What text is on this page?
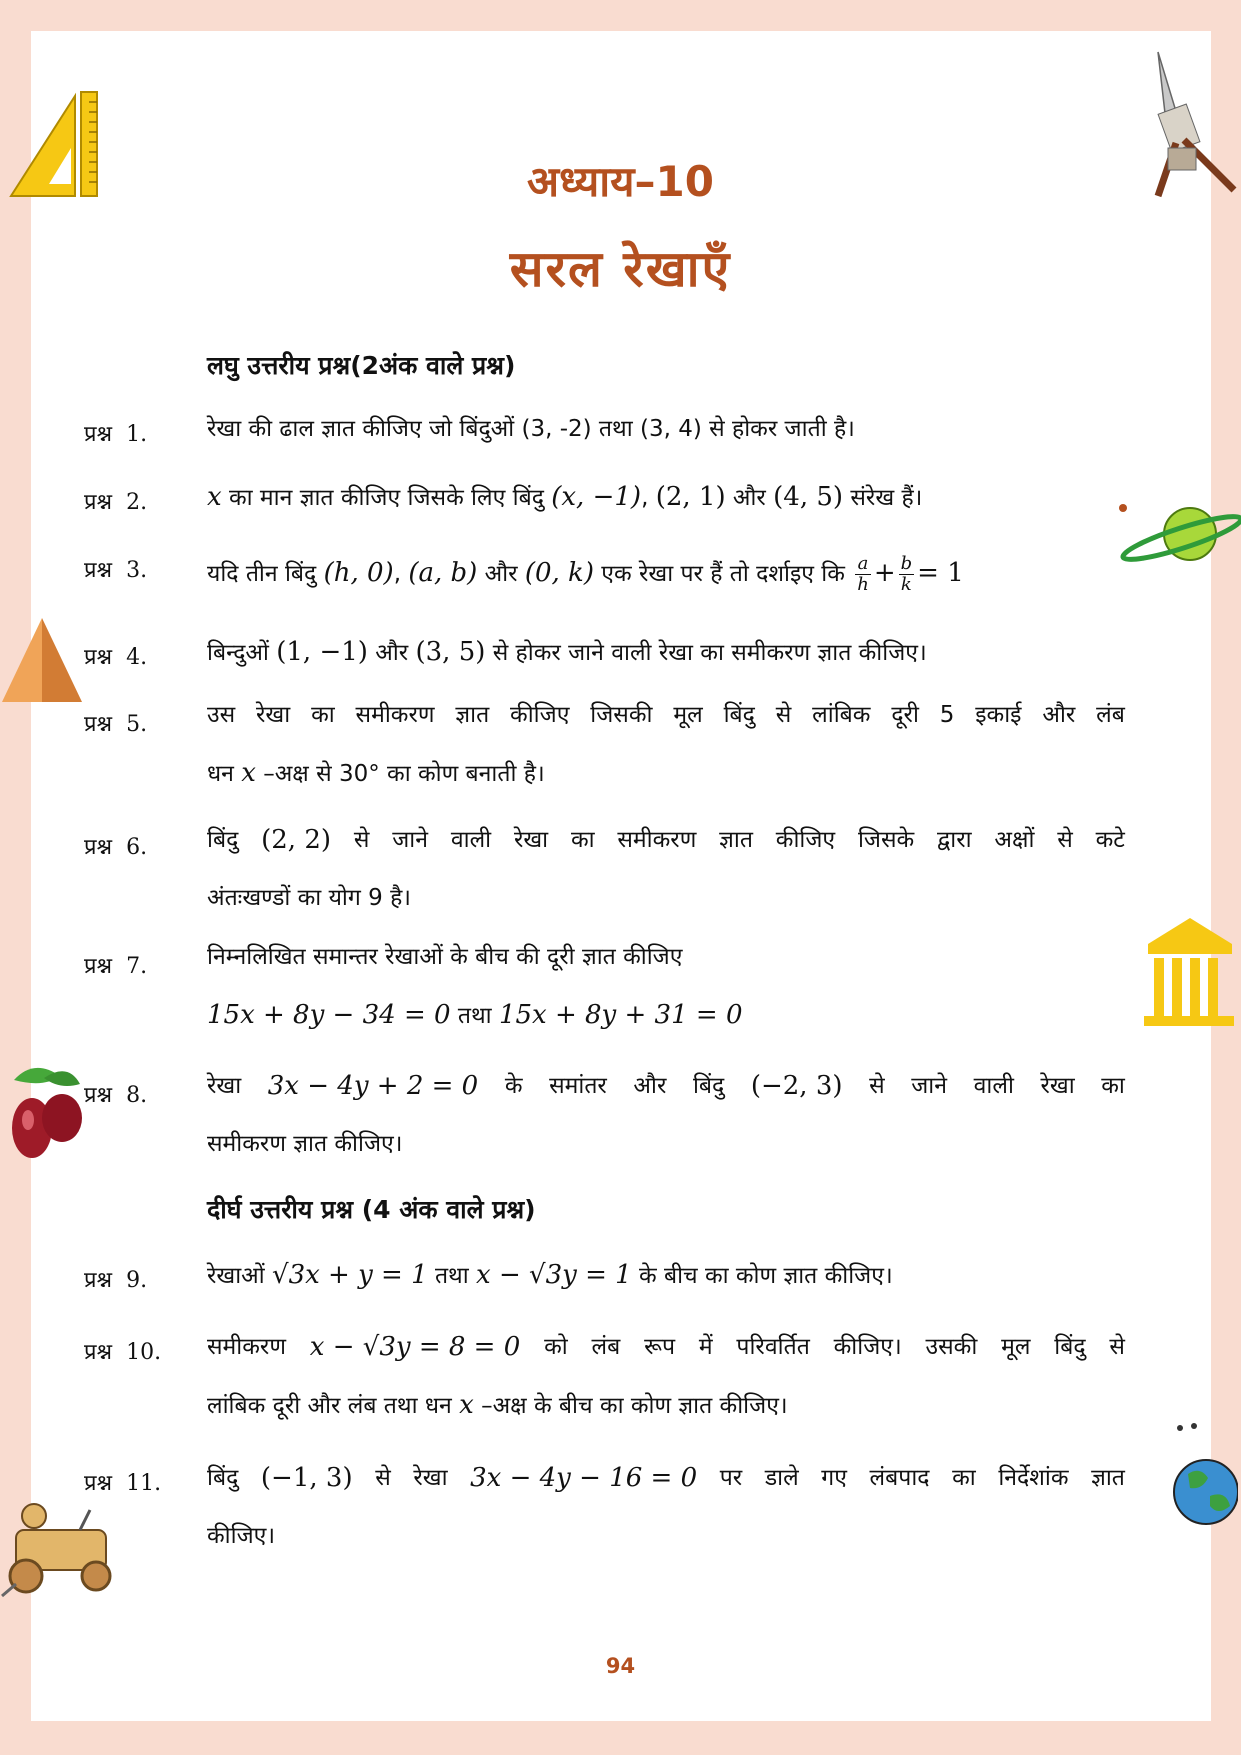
अध्याय–10
सरल रेखाएँ
लघु उत्तरीय प्रश्न(2अंक वाले प्रश्न)
प्रश्न 1.	रेखा की ढाल ज्ञात कीजिए जो बिंदुओं (3, -2) तथा (3, 4) से होकर जाती है।
प्रश्न 2. x का मान ज्ञात कीजिए जिसके लिए बिंदु (x, −1), (2, 1) और (4, 5) संरेख हैं।
प्रश्न 3.	यदि तीन बिंदु (h, 0), (a, b) और (0, k) एक रेखा पर हैं तो दर्शाइए कि $\frac{a}{h} + \frac{b}{k} = 1$
प्रश्न 4.	बिन्दुओं (1, −1) और (3, 5) से होकर जाने वाली रेखा का समीकरण ज्ञात कीजिए।
प्रश्न 5.	उस रेखा का समीकरण ज्ञात कीजिए जिसकी मूल बिंदु से लांबिक दूरी 5 इकाई और लंब
धन x –अक्ष से 30° का कोण बनाती है।
प्रश्न 6.	बिंदु (2, 2) से जाने वाली रेखा का समीकरण ज्ञात कीजिए जिसके द्वारा अक्षों से कटे
अंतःखण्डों का योग 9 है।
प्रश्न 7.	निम्नलिखित समान्तर रेखाओं के बीच की दूरी ज्ञात कीजिए
15x + 8y − 34 = 0 तथा 15x + 8y + 31 = 0
प्रश्न 8.	रेखा 3x − 4y + 2 = 0 के समांतर और बिंदु (−2, 3) से जाने वाली रेखा का
समीकरण ज्ञात कीजिए।
दीर्घ उत्तरीय प्रश्न (4 अंक वाले प्रश्न)
प्रश्न 9.	रेखाओं √3x + y = 1 तथा x − √3y = 1 के बीच का कोण ज्ञात कीजिए।
प्रश्न 10. समीकरण x − √3y = 8 = 0 को लंब रूप में परिवर्तित कीजिए। उसकी मूल बिंदु से
लांबिक दूरी और लंब तथा धन x –अक्ष के बीच का कोण ज्ञात कीजिए।
प्रश्न 11. बिंदु (−1, 3) से रेखा 3x − 4y − 16 = 0 पर डाले गए लंबपाद का निर्देशांक ज्ञात
कीजिए।
94
